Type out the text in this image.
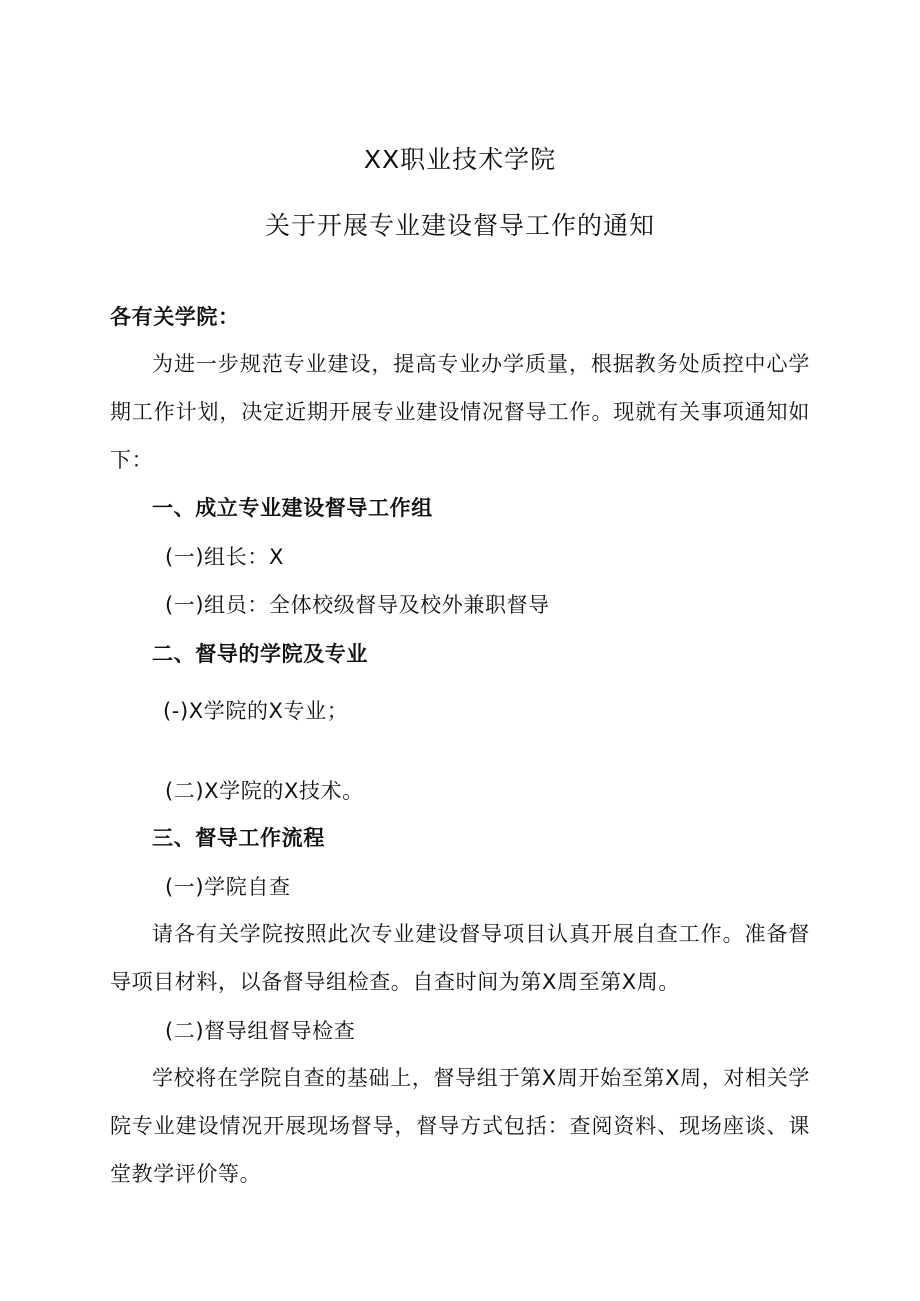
XX职业技术学院
关于开展专业建设督导工作的通知
各有关学院：
为进一步规范专业建设，提高专业办学质量，根据教务处质控中心学期工作计划，决定近期开展专业建设情况督导工作。现就有关事项通知如下：
一、成立专业建设督导工作组
(一)组长：X
(一)组员：全体校级督导及校外兼职督导
二、督导的学院及专业
(-)X学院的X专业；
(二)X学院的X技术。
三、督导工作流程
(一)学院自查
请各有关学院按照此次专业建设督导项目认真开展自查工作。准备督导项目材料，以备督导组检查。自查时间为第X周至第X周。
(二)督导组督导检查
学校将在学院自查的基础上，督导组于第X周开始至第X周，对相关学院专业建设情况开展现场督导，督导方式包括：查阅资料、现场座谈、课堂教学评价等。
